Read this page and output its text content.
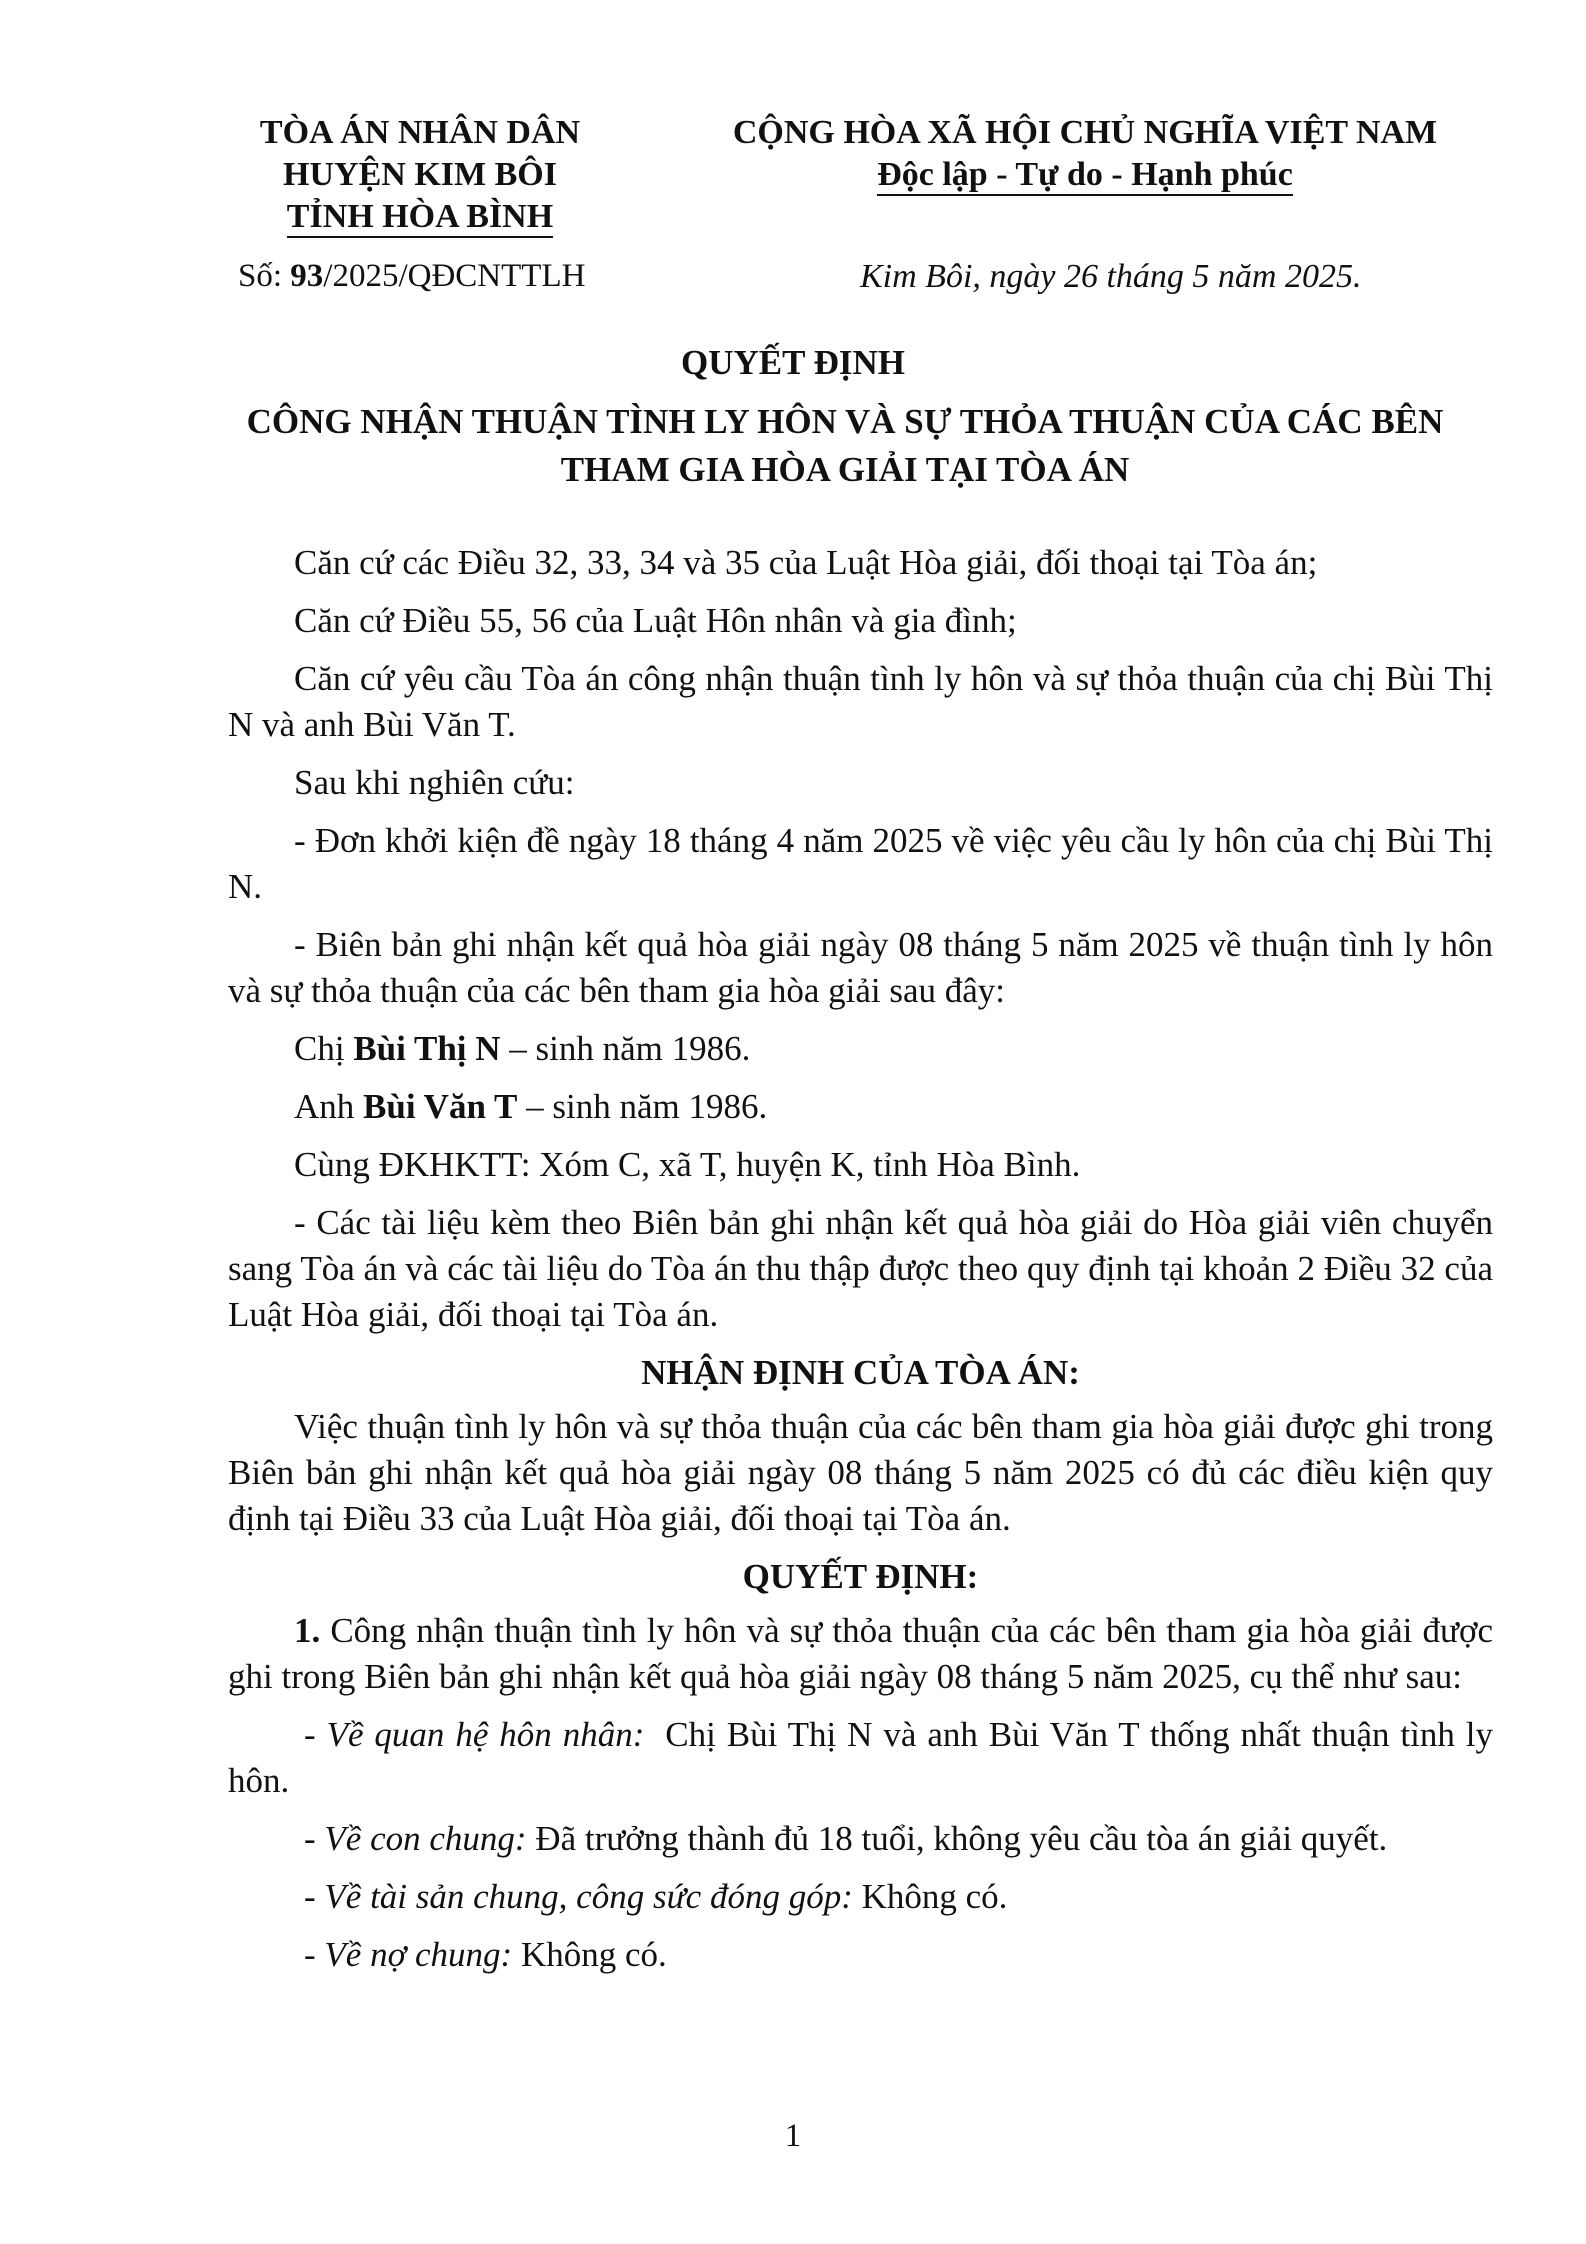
TÒA ÁN NHÂN DÂN
HUYỆN KIM BÔI
TỈNH HÒA BÌNH
CỘNG HÒA XÃ HỘI CHỦ NGHĨA VIỆT NAM
Độc lập - Tự do - Hạnh phúc
Số: 93/2025/QĐCNTTLH	Kim Bôi, ngày 26 tháng 5 năm 2025.
QUYẾT ĐỊNH
CÔNG NHẬN THUẬN TÌNH LY HÔN VÀ SỰ THỎA THUẬN CỦA CÁC BÊN THAM GIA HÒA GIẢI TẠI TÒA ÁN

Căn cứ các Điều 32, 33, 34 và 35 của Luật Hòa giải, đối thoại tại Tòa án;

Căn cứ Điều 55, 56 của Luật Hôn nhân và gia đình;

Căn cứ yêu cầu Tòa án công nhận thuận tình ly hôn và sự thỏa thuận của chị Bùi Thị N và anh Bùi Văn T.

Sau khi nghiên cứu:

- Đơn khởi kiện đề ngày 18 tháng 4 năm 2025 về việc yêu cầu ly hôn của chị Bùi Thị N.

- Biên bản ghi nhận kết quả hòa giải ngày 08 tháng 5 năm 2025 về thuận tình ly hôn và sự thỏa thuận của các bên tham gia hòa giải sau đây:

Chị Bùi Thị N – sinh năm 1986.

Anh Bùi Văn T – sinh năm 1986.

Cùng ĐKHKTT: Xóm C, xã T, huyện K, tỉnh Hòa Bình.

- Các tài liệu kèm theo Biên bản ghi nhận kết quả hòa giải do Hòa giải viên chuyển sang Tòa án và các tài liệu do Tòa án thu thập được theo quy định tại khoản 2 Điều 32 của Luật Hòa giải, đối thoại tại Tòa án.

NHẬN ĐỊNH CỦA TÒA ÁN:

Việc thuận tình ly hôn và sự thỏa thuận của các bên tham gia hòa giải được ghi trong Biên bản ghi nhận kết quả hòa giải ngày 08 tháng 5 năm 2025 có đủ các điều kiện quy định tại Điều 33 của Luật Hòa giải, đối thoại tại Tòa án.

QUYẾT ĐỊNH:

1. Công nhận thuận tình ly hôn và sự thỏa thuận của các bên tham gia hòa giải được ghi trong Biên bản ghi nhận kết quả hòa giải ngày 08 tháng 5 năm 2025, cụ thể như sau:

- Về quan hệ hôn nhân: Chị Bùi Thị N và anh Bùi Văn T thống nhất thuận tình ly hôn.

- Về con chung: Đã trưởng thành đủ 18 tuổi, không yêu cầu tòa án giải quyết.

- Về tài sản chung, công sức đóng góp: Không có.

- Về nợ chung: Không có.

1
